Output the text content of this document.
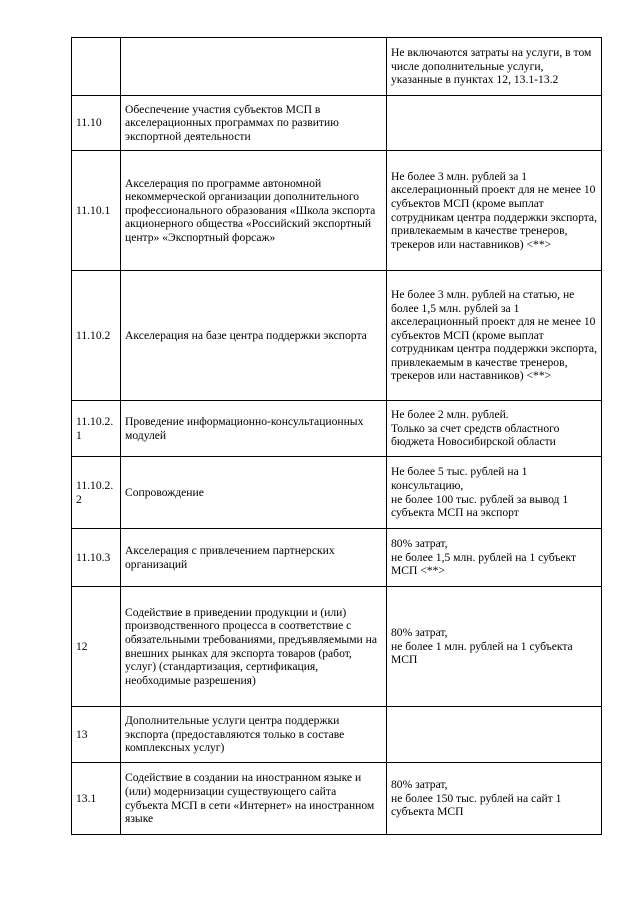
		Не включаются затраты на услуги, в том числе дополнительные услуги, указанные в пунктах 12, 13.1-13.2

11.10	Обеспечение участия субъектов МСП в акселерационных программах по развитию экспортной деятельности	

11.10.1	Акселерация по программе автономной некоммерческой организации дополнительного профессионального образования «Школа экспорта акционерного общества «Российский экспортный центр» «Экспортный форсаж»	Не более 3 млн. рублей за 1 акселерационный проект для не менее 10 субъектов МСП (кроме выплат сотрудникам центра поддержки экспорта, привлекаемым в качестве тренеров, трекеров или наставников) <**>

11.10.2	Акселерация на базе центра поддержки экспорта	Не более 3 млн. рублей на статью, не более 1,5 млн. рублей за 1 акселерационный проект для не менее 10 субъектов МСП (кроме выплат сотрудникам центра поддержки экспорта, привлекаемым в качестве тренеров, трекеров или наставников) <**>

11.10.2.1	Проведение информационно-консультационных модулей	Не более 2 млн. рублей.
Только за счет средств областного бюджета Новосибирской области

11.10.2.2	Сопровождение	Не более 5 тыс. рублей на 1 консультацию,
не более 100 тыс. рублей за вывод 1 субъекта МСП на экспорт

11.10.3	Акселерация с привлечением партнерских организаций	80% затрат,
не более 1,5 млн. рублей на 1 субъект МСП <**>

12	Содействие в приведении продукции и (или) производственного процесса в соответствие с обязательными требованиями, предъявляемыми на внешних рынках для экспорта товаров (работ, услуг) (стандартизация, сертификация, необходимые разрешения)	80% затрат,
не более 1 млн. рублей на 1 субъекта МСП

13	Дополнительные услуги центра поддержки экспорта (предоставляются только в составе комплексных услуг)	

13.1	Содействие в создании на иностранном языке и (или) модернизации существующего сайта субъекта МСП в сети «Интернет» на иностранном языке	80% затрат,
не более 150 тыс. рублей на сайт 1 субъекта МСП
